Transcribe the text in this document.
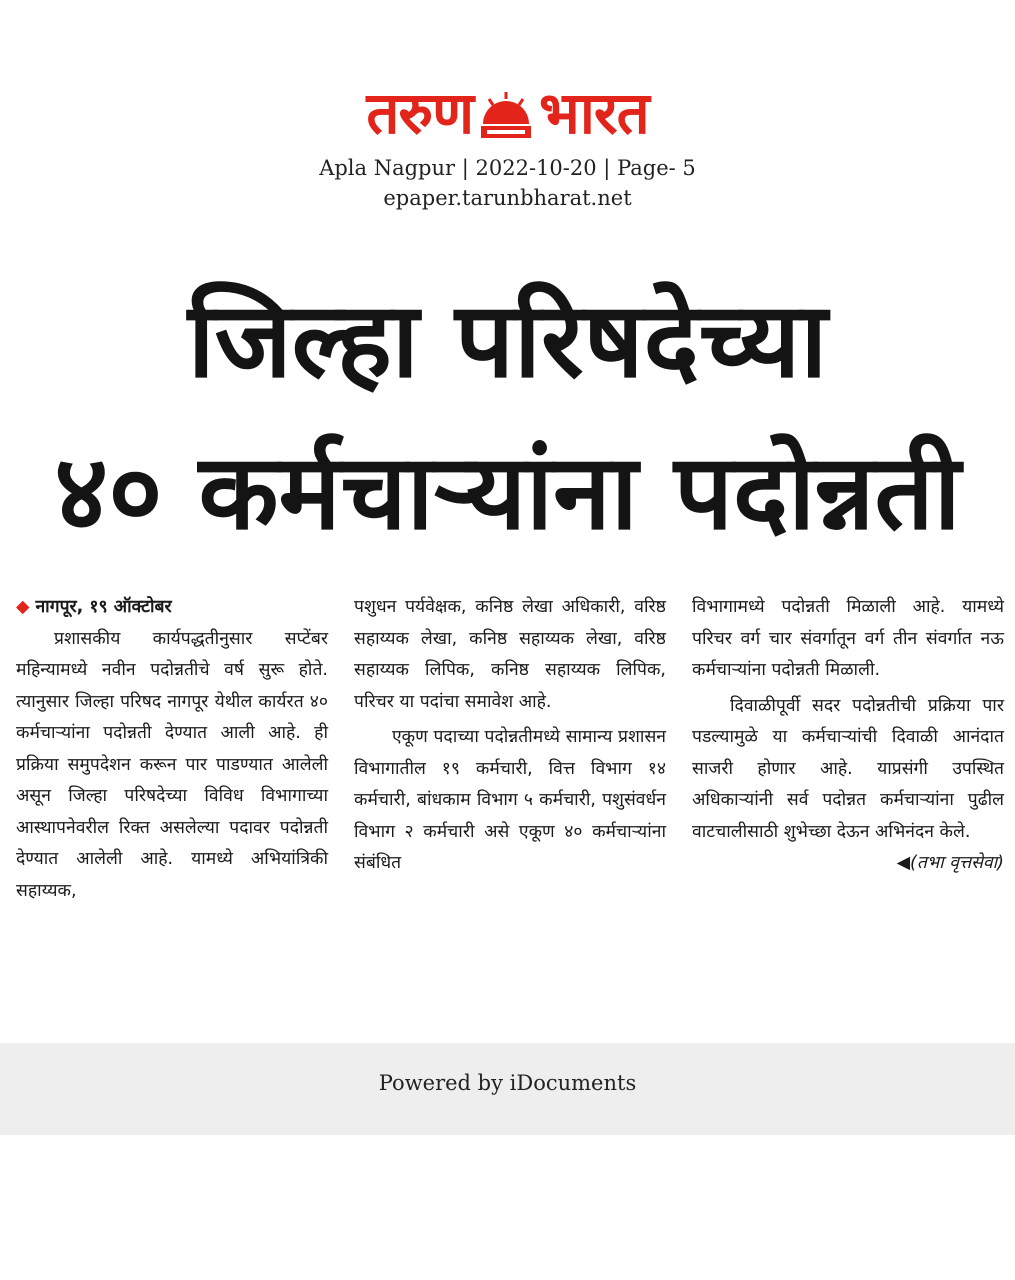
तरुण भारत
Apla Nagpur | 2022-10-20 | Page- 5
epaper.tarunbharat.net
जिल्हा परिषदेच्या
४० कर्मचाऱ्यांना पदोन्नती

◆ नागपूर, १९ ऑक्टोबर

प्रशासकीय कार्यपद्धतीनुसार सप्टेंबर महिन्यामध्ये नवीन पदोन्नतीचे वर्ष सुरू होते. त्यानुसार जिल्हा परिषद नागपूर येथील कार्यरत ४० कर्मचाऱ्यांना पदोन्नती देण्यात आली आहे. ही प्रक्रिया समुपदेशन करून पार पाडण्यात आलेली असून जिल्हा परिषदेच्या विविध विभागाच्या आस्थापनेवरील रिक्त असलेल्या पदावर पदोन्नती देण्यात आलेली आहे. यामध्ये अभियांत्रिकी सहाय्यक,

पशुधन पर्यवेक्षक, कनिष्ठ लेखा अधिकारी, वरिष्ठ सहाय्यक लेखा, कनिष्ठ सहाय्यक लेखा, वरिष्ठ सहाय्यक लिपिक, कनिष्ठ सहाय्यक लिपिक, परिचर या पदांचा समावेश आहे.

एकूण पदाच्या पदोन्नतीमध्ये सामान्य प्रशासन विभागातील १९ कर्मचारी, वित्त विभाग १४ कर्मचारी, बांधकाम विभाग ५ कर्मचारी, पशुसंवर्धन विभाग २ कर्मचारी असे एकूण ४० कर्मचाऱ्यांना संबंधित

विभागामध्ये पदोन्नती मिळाली आहे. यामध्ये परिचर वर्ग चार संवर्गातून वर्ग तीन संवर्गात नऊ कर्मचाऱ्यांना पदोन्नती मिळाली.

दिवाळीपूर्वी सदर पदोन्नतीची प्रक्रिया पार पडल्यामुळे या कर्मचाऱ्यांची दिवाळी आनंदात साजरी होणार आहे. याप्रसंगी उपस्थित अधिकाऱ्यांनी सर्व पदोन्नत कर्मचाऱ्यांना पुढील वाटचालीसाठी शुभेच्छा देऊन अभिनंदन केले.

◀(तभा वृत्तसेवा)

Powered by iDocuments
